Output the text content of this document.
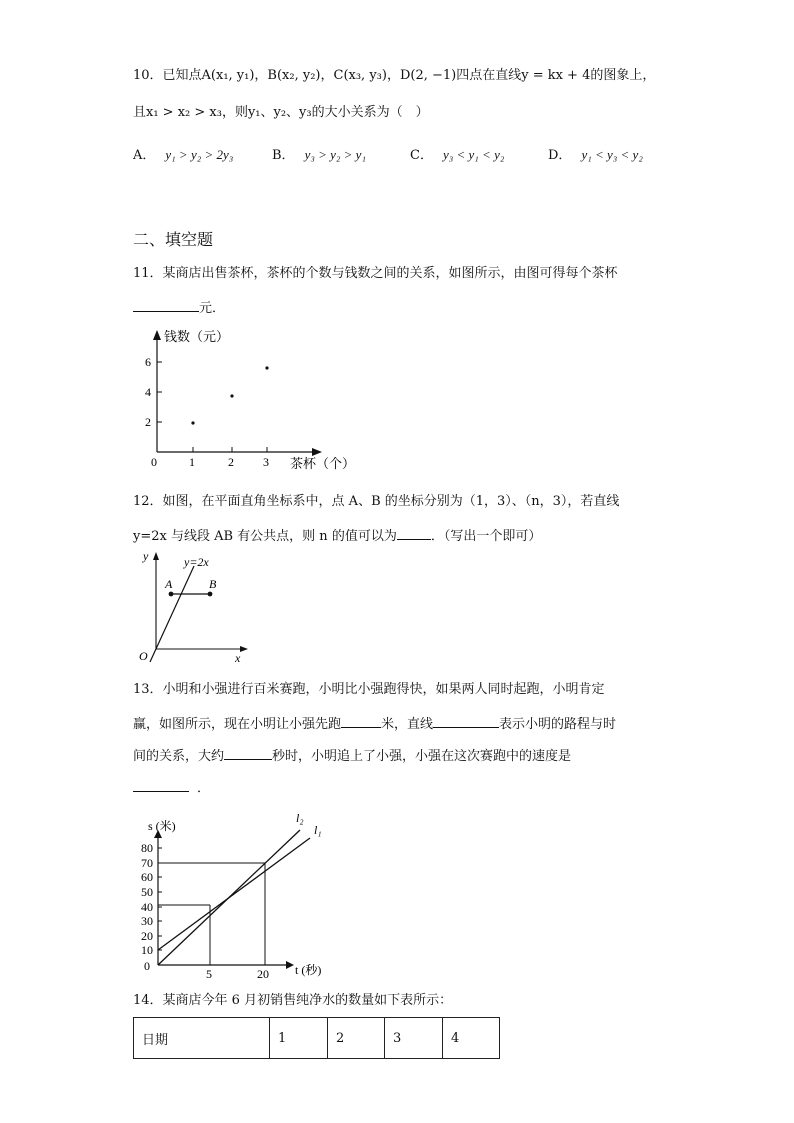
10．已知点A(x₁, y₁)，B(x₂, y₂)，C(x₃, y₃)，D(2, −1)四点在直线y = kx + 4的图象上，
且x₁ > x₂ > x₃，则y₁、y₂、y₃的大小关系为（　）
A． y₁ > y₂ > 2y₃	B． y₃ > y₂ > y₁	C． y₃ < y₁ < y₂	D． y₁ < y₃ < y₂
二、填空题
11．某商店出售茶杯，茶杯的个数与钱数之间的关系，如图所示，由图可得每个茶杯
元．
钱数（元）
茶杯（个）
0
2
4
6
1	2 3
12．如图，在平面直角坐标系中，点 A、B 的坐标分别为（1，3）、（n，3），若直线
y=2x 与线段 AB 有公共点，则 n 的值可以为	．（写出一个即可）
y
x
O
y=2x
A	B
13．小明和小强进行百米赛跑，小明比小强跑得快，如果两人同时起跑，小明肯定
赢，如图所示，现在小明让小强先跑	米，直线	表示小明的路程与时
间的关系，大约	秒时，小明追上了小强，小强在这次赛跑中的速度是
．
s (米)
t (秒)
l₂
l₁
0
10
20
30
40
50
60
70
80
5	20
14．某商店今年 6 月初销售纯净水的数量如下表所示：
日期	1	2	3	4
